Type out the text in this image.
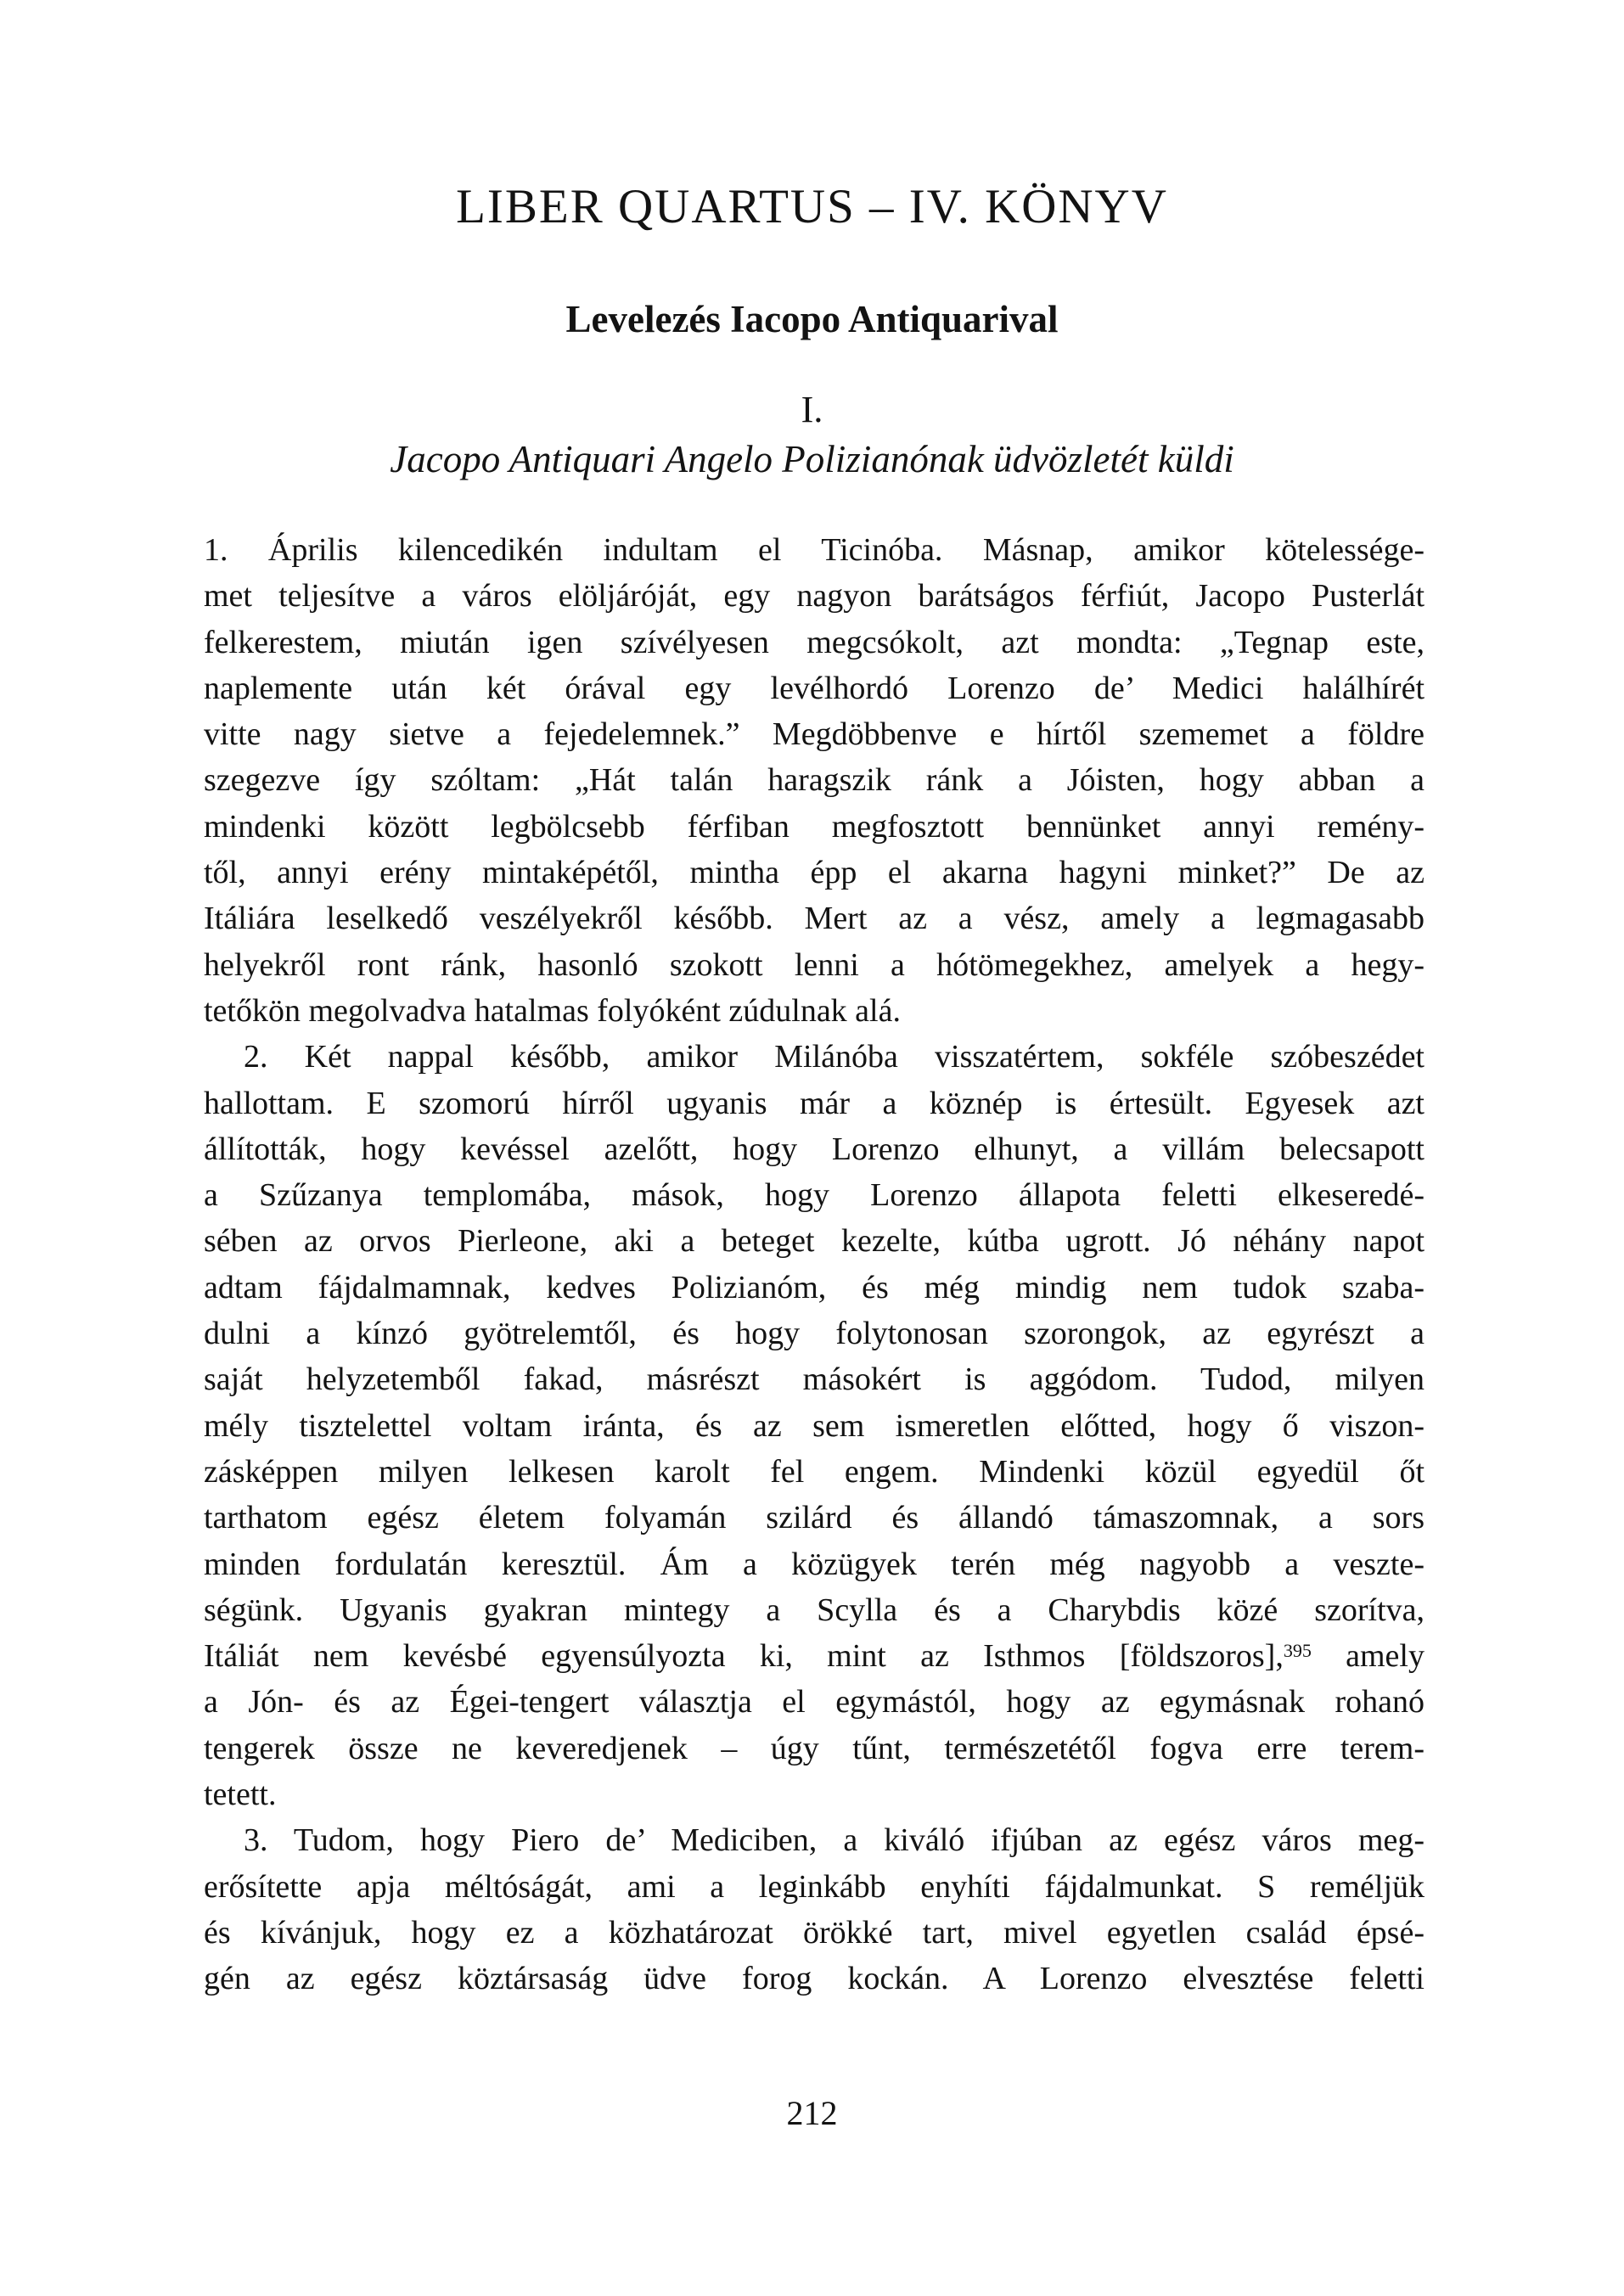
LIBER QUARTUS – IV. KÖNYV
Levelezés Iacopo Antiquarival
I.
Jacopo Antiquari Angelo Polizianónak üdvözletét küldi
1. Április kilencedikén indultam el Ticinóba. Másnap, amikor kötelessége-
met teljesítve a város elöljáróját, egy nagyon barátságos férfiút, Jacopo Pusterlát
felkerestem, miután igen szívélyesen megcsókolt, azt mondta: „Tegnap este,
naplemente után két órával egy levélhordó Lorenzo de’ Medici halálhírét
vitte nagy sietve a fejedelemnek.” Megdöbbenve e hírtől szememet a földre
szegezve így szóltam: „Hát talán haragszik ránk a Jóisten, hogy abban a
mindenki között legbölcsebb férfiban megfosztott bennünket annyi remény-
től, annyi erény mintaképétől, mintha épp el akarna hagyni minket?” De az
Itáliára leselkedő veszélyekről később. Mert az a vész, amely a legmagasabb
helyekről ront ránk, hasonló szokott lenni a hótömegekhez, amelyek a hegy-
tetőkön megolvadva hatalmas folyóként zúdulnak alá.
2. Két nappal később, amikor Milánóba visszatértem, sokféle szóbeszédet
hallottam. E szomorú hírről ugyanis már a köznép is értesült. Egyesek azt
állították, hogy kevéssel azelőtt, hogy Lorenzo elhunyt, a villám belecsapott
a Szűzanya templomába, mások, hogy Lorenzo állapota feletti elkeseredé-
sében az orvos Pierleone, aki a beteget kezelte, kútba ugrott. Jó néhány napot
adtam fájdalmamnak, kedves Polizianóm, és még mindig nem tudok szaba-
dulni a kínzó gyötrelemtől, és hogy folytonosan szorongok, az egyrészt a
saját helyzetemből fakad, másrészt másokért is aggódom. Tudod, milyen
mély tisztelettel voltam iránta, és az sem ismeretlen előtted, hogy ő viszon-
zásképpen milyen lelkesen karolt fel engem. Mindenki közül egyedül őt
tarthatom egész életem folyamán szilárd és állandó támaszomnak, a sors
minden fordulatán keresztül. Ám a közügyek terén még nagyobb a veszte-
ségünk. Ugyanis gyakran mintegy a Scylla és a Charybdis közé szorítva,
Itáliát nem kevésbé egyensúlyozta ki, mint az Isthmos [földszoros],$^{395}$ amely
a Jón- és az Égei-tengert választja el egymástól, hogy az egymásnak rohanó
tengerek össze ne keveredjenek – úgy tűnt, természetétől fogva erre terem-
tetett.
3. Tudom, hogy Piero de’ Mediciben, a kiváló ifjúban az egész város meg-
erősítette apja méltóságát, ami a leginkább enyhíti fájdalmunkat. S reméljük
és kívánjuk, hogy ez a közhatározat örökké tart, mivel egyetlen család épsé-
gén az egész köztársaság üdve forog kockán. A Lorenzo elvesztése feletti
212
